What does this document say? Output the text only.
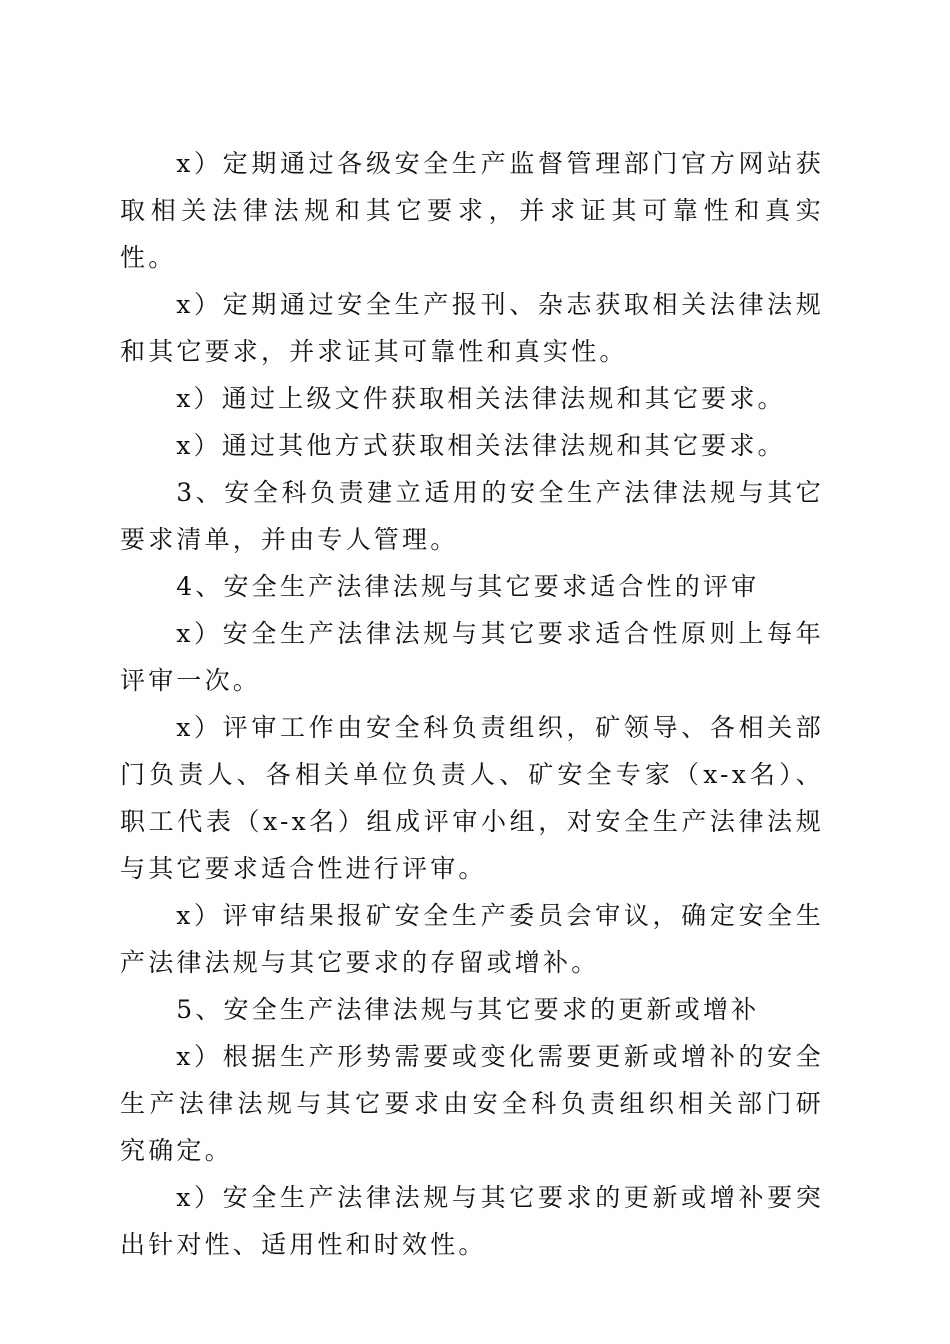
x）定期通过各级安全生产监督管理部门官方网站获取相关法律法规和其它要求，并求证其可靠性和真实性。

x）定期通过安全生产报刊、杂志获取相关法律法规和其它要求，并求证其可靠性和真实性。

x）通过上级文件获取相关法律法规和其它要求。

x）通过其他方式获取相关法律法规和其它要求。

3、安全科负责建立适用的安全生产法律法规与其它要求清单，并由专人管理。

4、安全生产法律法规与其它要求适合性的评审

x）安全生产法律法规与其它要求适合性原则上每年评审一次。

x）评审工作由安全科负责组织，矿领导、各相关部门负责人、各相关单位负责人、矿安全专家（x-x名）、职工代表（x-x名）组成评审小组，对安全生产法律法规与其它要求适合性进行评审。

x）评审结果报矿安全生产委员会审议，确定安全生产法律法规与其它要求的存留或增补。

5、安全生产法律法规与其它要求的更新或增补

x）根据生产形势需要或变化需要更新或增补的安全生产法律法规与其它要求由安全科负责组织相关部门研究确定。

x）安全生产法律法规与其它要求的更新或增补要突出针对性、适用性和时效性。
